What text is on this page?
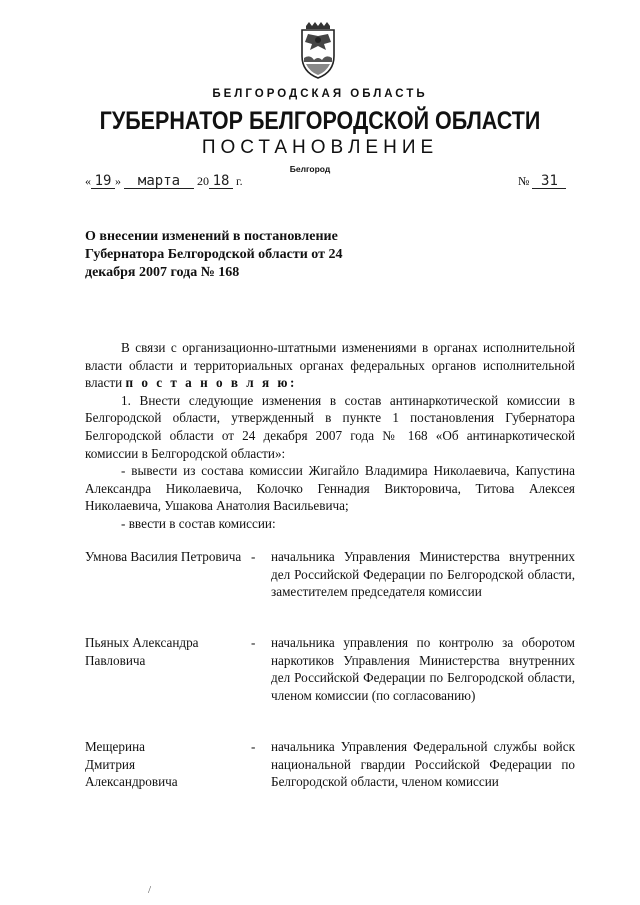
БЕЛГОРОДСКАЯ ОБЛАСТЬ
ГУБЕРНАТОР БЕЛГОРОДСКОЙ ОБЛАСТИ
ПОСТАНОВЛЕНИЕ
Белгород
« 19 » марта 20 18 г.	№ 31
О внесении изменений в постановление Губернатора Белгородской области от 24 декабря 2007 года № 168

В связи с организационно-штатными изменениями в органах исполнительной власти области и территориальных органах федеральных органов исполнительной власти п о с т а н о в л я ю:

1. Внести следующие изменения в состав антинаркотической комиссии в Белгородской области, утвержденный в пункте 1 постановления Губернатора Белгородской области от 24 декабря 2007 года № 168 «Об антинаркотической комиссии в Белгородской области»:

- вывести из состава комиссии Жигайло Владимира Николаевича, Капустина Александра Николаевича, Колочко Геннадия Викторовича, Титова Алексея Николаевича, Ушакова Анатолия Васильевича;

- ввести в состав комиссии:

Умнова Василия Петровича - начальника Управления Министерства внутренних дел Российской Федерации по Белгородской области, заместителем председателя комиссии
Пьяных Александра Павловича
- начальника управления по контролю за оборотом наркотиков Управления Министерства внутренних дел Российской Федерации по Белгородской области, членом комиссии (по согласованию)
Мещерина Дмитрия Александровича
- начальника Управления Федеральной службы войск национальной гвардии Российской Федерации по Белгородской области, членом комиссии
/
